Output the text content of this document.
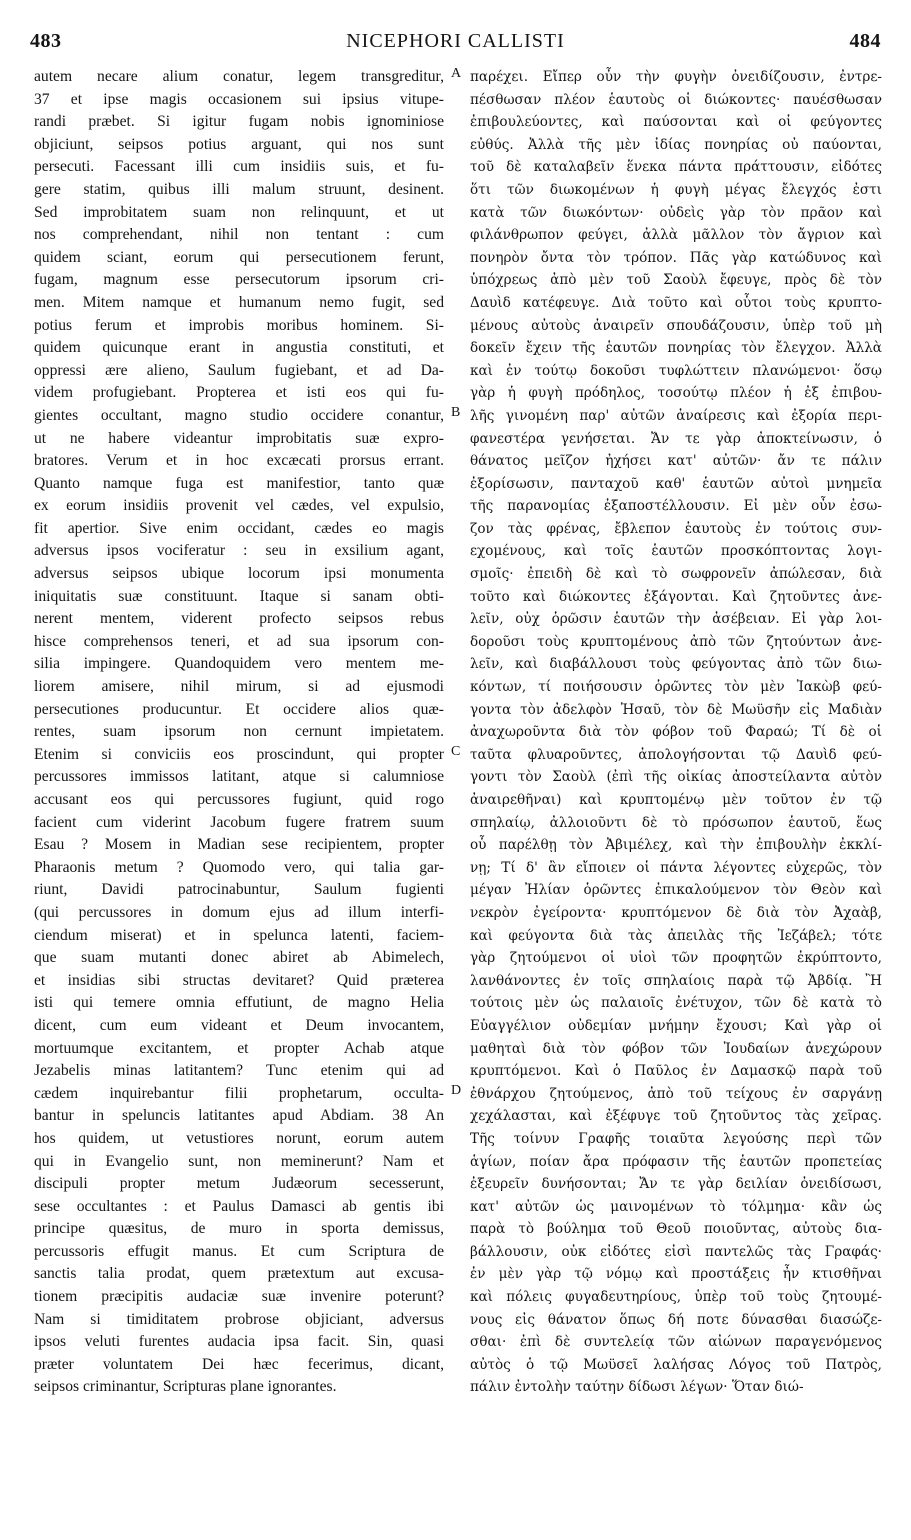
483	NICEPHORI CALLISTI	484
autem necare alium conatur, legem transgreditur,
37 et ipse magis occasionem sui ipsius vitupe-
randi præbet. Si igitur fugam nobis ignominiose
objiciunt, seipsos potius arguant, qui nos sunt
persecuti. Facessant illi cum insidiis suis, et fu-
gere statim, quibus illi malum struunt, desinent.
Sed improbitatem suam non relinquunt, et ut
nos comprehendant, nihil non tentant : cum
quidem sciant, eorum qui persecutionem ferunt,
fugam, magnum esse persecutorum ipsorum cri-
men. Mitem namque et humanum nemo fugit, sed
potius ferum et improbis moribus hominem. Si-
quidem quicunque erant in angustia constituti, et
oppressi ære alieno, Saulum fugiebant, et ad Da-
videm profugiebant. Propterea et isti eos qui fu-
gientes occultant, magno studio occidere conantur,
ut ne habere videantur improbitatis suæ expro-
bratores. Verum et in hoc excæcati prorsus errant.
Quanto namque fuga est manifestior, tanto quæ
ex eorum insidiis provenit vel cædes, vel expulsio,
fit apertior. Sive enim occidant, cædes eo magis
adversus ipsos vociferatur : seu in exsilium agant,
adversus seipsos ubique locorum ipsi monumenta
iniquitatis suæ constituunt. Itaque si sanam obti-
nerent mentem, viderent profecto seipsos rebus
hisce comprehensos teneri, et ad sua ipsorum con-
silia impingere. Quandoquidem vero mentem me-
liorem amisere, nihil mirum, si ad ejusmodi
persecutiones producuntur. Et occidere alios quæ-
rentes, suam ipsorum non cernunt impietatem.
Etenim si conviciis eos proscindunt, qui propter
percussores immissos latitant, atque si calumniose
accusant eos qui percussores fugiunt, quid rogo
facient cum viderint Jacobum fugere fratrem suum
Esau ? Mosem in Madian sese recipientem, propter
Pharaonis metum ? Quomodo vero, qui talia gar-
riunt, Davidi patrocinabuntur, Saulum fugienti
(qui percussores in domum ejus ad illum interfi-
ciendum miserat) et in spelunca latenti, faciem-
que suam mutanti donec abiret ab Abimelech,
et insidias sibi structas devitaret? Quid præterea
isti qui temere omnia effutiunt, de magno Helia
dicent, cum eum videant et Deum invocantem,
mortuumque excitantem, et propter Achab atque
Jezabelis minas latitantem? Tunc etenim qui ad
cædem inquirebantur filii prophetarum, occulta-
bantur in speluncis latitantes apud Abdiam. 38 An
hos quidem, ut vetustiores norunt, eorum autem
qui in Evangelio sunt, non meminerunt? Nam et
discipuli propter metum Judæorum secesserunt,
sese occultantes : et Paulus Damasci ab gentis ibi
principe quæsitus, de muro in sporta demissus,
percussoris effugit manus. Et cum Scriptura de
sanctis talia prodat, quem prætextum aut excusa-
tionem præcipitis audaciæ suæ invenire poterunt?
Nam si timiditatem probrose objiciant, adversus
ipsos veluti furentes audacia ipsa facit. Sin, quasi
præter voluntatem Dei hæc fecerimus, dicant,
seipsos criminantur, Scripturas plane ignorantes.
A
B
C
D
παρέχει. Εἴπερ οὖν τὴν φυγὴν ὀνειδίζουσιν, ἐντρε-
πέσθωσαν πλέον ἑαυτοὺς οἱ διώκοντες· παυέσθωσαν
ἐπιβουλεύοντες, καὶ παύσονται καὶ οἱ φεύγοντες
εὐθύς. Ἀλλὰ τῆς μὲν ἰδίας πονηρίας οὐ παύονται,
τοῦ δὲ καταλαβεῖν ἕνεκα πάντα πράττουσιν, εἰδότες
ὅτι τῶν διωκομένων ἡ φυγὴ μέγας ἔλεγχός ἐστι
κατὰ τῶν διωκόντων· οὐδεὶς γὰρ τὸν πρᾶον καὶ
φιλάνθρωπον φεύγει, ἀλλὰ μᾶλλον τὸν ἄγριον καὶ
πονηρὸν ὄντα τὸν τρόπον. Πᾶς γὰρ κατώδυνος καὶ
ὑπόχρεως ἀπὸ μὲν τοῦ Σαοὺλ ἔφευγε, πρὸς δὲ τὸν
Δαυὶδ κατέφευγε. Διὰ τοῦτο καὶ οὗτοι τοὺς κρυπτο-
μένους αὐτοὺς ἀναιρεῖν σπουδάζουσιν, ὑπὲρ τοῦ μὴ
δοκεῖν ἔχειν τῆς ἑαυτῶν πονηρίας τὸν ἔλεγχον. Ἀλλὰ
καὶ ἐν τούτῳ δοκοῦσι τυφλώττειν πλανώμενοι· ὅσῳ
γὰρ ἡ φυγὴ πρόδηλος, τοσούτῳ πλέον ἡ ἐξ ἐπιβου-
λῆς γινομένη παρ' αὐτῶν ἀναίρεσις καὶ ἐξορία περι-
φανεστέρα γενήσεται. Ἄν τε γὰρ ἀποκτείνωσιν, ὁ
θάνατος μεῖζον ἠχήσει κατ' αὐτῶν· ἄν τε πάλιν
ἐξορίσωσιν, πανταχοῦ καθ' ἑαυτῶν αὐτοὶ μνημεῖα
τῆς παρανομίας ἐξαποστέλλουσιν. Εἰ μὲν οὖν ἐσω-
ζον τὰς φρένας, ἔβλεπον ἑαυτοὺς ἐν τούτοις συν-
εχομένους, καὶ τοῖς ἑαυτῶν προσκόπτοντας λογι-
σμοῖς· ἐπειδὴ δὲ καὶ τὸ σωφρονεῖν ἀπώλεσαν, διὰ
τοῦτο καὶ διώκοντες ἐξάγονται. Καὶ ζητοῦντες ἀνε-
λεῖν, οὐχ ὁρῶσιν ἑαυτῶν τὴν ἀσέβειαν. Εἰ γὰρ λοι-
δοροῦσι τοὺς κρυπτομένους ἀπὸ τῶν ζητούντων ἀνε-
λεῖν, καὶ διαβάλλουσι τοὺς φεύγοντας ἀπὸ τῶν διω-
κόντων, τί ποιήσουσιν ὁρῶντες τὸν μὲν Ἰακὼβ φεύ-
γοντα τὸν ἀδελφὸν Ἠσαῦ, τὸν δὲ Μωϋσῆν εἰς Μαδιὰν
ἀναχωροῦντα διὰ τὸν φόβον τοῦ Φαραώ; Τί δὲ οἱ
ταῦτα φλυαροῦντες, ἀπολογήσονται τῷ Δαυὶδ φεύ-
γοντι τὸν Σαοὺλ (ἐπὶ τῆς οἰκίας ἀποστείλαντα αὐτὸν
ἀναιρεθῆναι) καὶ κρυπτομένῳ μὲν τοῦτον ἐν τῷ
σπηλαίῳ, ἀλλοιοῦντι δὲ τὸ πρόσωπον ἑαυτοῦ, ἕως
οὗ παρέλθῃ τὸν Ἀβιμέλεχ, καὶ τὴν ἐπιβουλὴν ἐκκλί-
νῃ; Τί δ' ἂν εἴποιεν οἱ πάντα λέγοντες εὐχερῶς, τὸν
μέγαν Ἠλίαν ὁρῶντες ἐπικαλούμενον τὸν Θεὸν καὶ
νεκρὸν ἐγείροντα· κρυπτόμενον δὲ διὰ τὸν Ἀχαὰβ,
καὶ φεύγοντα διὰ τὰς ἀπειλὰς τῆς Ἰεζάβελ; τότε
γὰρ ζητούμενοι οἱ υἱοὶ τῶν προφητῶν ἐκρύπτοντο,
λανθάνοντες ἐν τοῖς σπηλαίοις παρὰ τῷ Ἀβδίᾳ. Ἢ
τούτοις μὲν ὡς παλαιοῖς ἐνέτυχον, τῶν δὲ κατὰ τὸ
Εὐαγγέλιον οὐδεμίαν μνήμην ἔχουσι; Καὶ γὰρ οἱ
μαθηταὶ διὰ τὸν φόβον τῶν Ἰουδαίων ἀνεχώρουν
κρυπτόμενοι. Καὶ ὁ Παῦλος ἐν Δαμασκῷ παρὰ τοῦ
ἐθνάρχου ζητούμενος, ἀπὸ τοῦ τείχους ἐν σαργάνῃ
χεχάλασται, καὶ ἐξέφυγε τοῦ ζητοῦντος τὰς χεῖρας.
Τῆς τοίνυν Γραφῆς τοιαῦτα λεγούσης περὶ τῶν
ἁγίων, ποίαν ἄρα πρόφασιν τῆς ἑαυτῶν προπετείας
ἐξευρεῖν δυνήσονται; Ἄν τε γὰρ δειλίαν ὀνειδίσωσι,
κατ' αὐτῶν ὡς μαινομένων τὸ τόλμημα· κἂν ὡς
παρὰ τὸ βούλημα τοῦ Θεοῦ ποιοῦντας, αὐτοὺς δια-
βάλλουσιν, οὐκ εἰδότες εἰσὶ παντελῶς τὰς Γραφάς·
ἐν μὲν γὰρ τῷ νόμῳ καὶ προστάξεις ἦν κτισθῆναι
καὶ πόλεις φυγαδευτηρίους, ὑπὲρ τοῦ τοὺς ζητουμέ-
νους εἰς θάνατον ὅπως δή ποτε δύνασθαι διασώζε-
σθαι· ἐπὶ δὲ συντελείᾳ τῶν αἰώνων παραγενόμενος
αὐτὸς ὁ τῷ Μωϋσεῖ λαλήσας Λόγος τοῦ Πατρὸς,
πάλιν ἐντολὴν ταύτην δίδωσι λέγων· Ὅταν διώ-
